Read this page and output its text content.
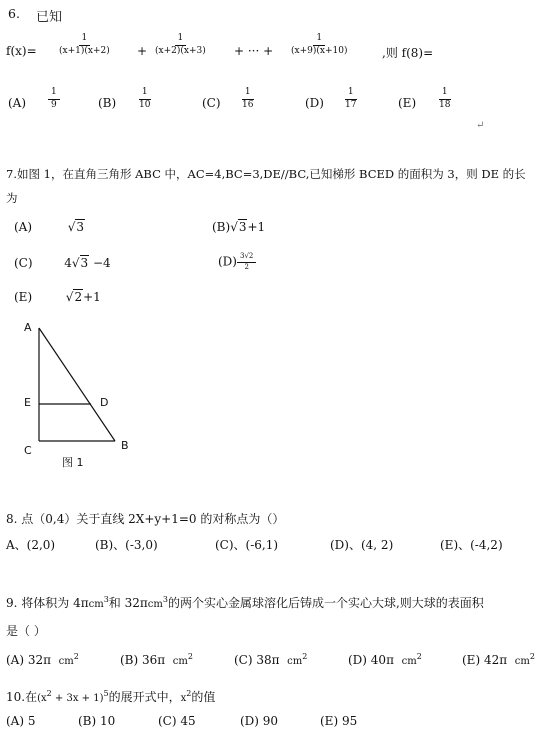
6. 已知
$f(x)= \frac{1}{(x+1)(x+2)} + \frac{1}{(x+2)(x+3)}$ + ··· + $\frac{1}{(x+9)(x+10)}$	,则 f(8)=
$(A) \frac{1}{9}$	$(B) \frac{1}{10}$	$(C) \frac{1}{16}$	$(D) \frac{1}{17}$	$(E) \frac{1}{18}$
↵
7.如图 1，在直角三角形 ABC 中，AC=4,BC=3,DE//BC,已知梯形 BCED 的面积为 3，则 DE 的长
为
(A)	√3	(B)√3+1
(C)	4√3 −4	$(D) \frac{3√2}{2}$
(E)	√2+1
A
E	D
C	B
图 1
8. 点（0,4）关于直线 2X+y+1=0 的对称点为（）
A、(2,0)	(B)、(-3,0)	(C)、(-6,1)	(D)、(4, 2)	(E)、(-4,2)
9. 将体积为 4πcm$^3$和 32πcm$^3$的两个实心金属球溶化后铸成一个实心大球,则大球的表面积
是（ ）
(A) 32π $cm^2$	(B) 36π $cm^2$	(C) 38π $cm^2$	(D) 40π $cm^2$	(E) 42π $cm^2$
10.在$(x^2 + 3x + 1)^5$的展开式中，$x^2$的值
(A) 5	(B) 10	(C) 45	(D) 90	(E) 95
